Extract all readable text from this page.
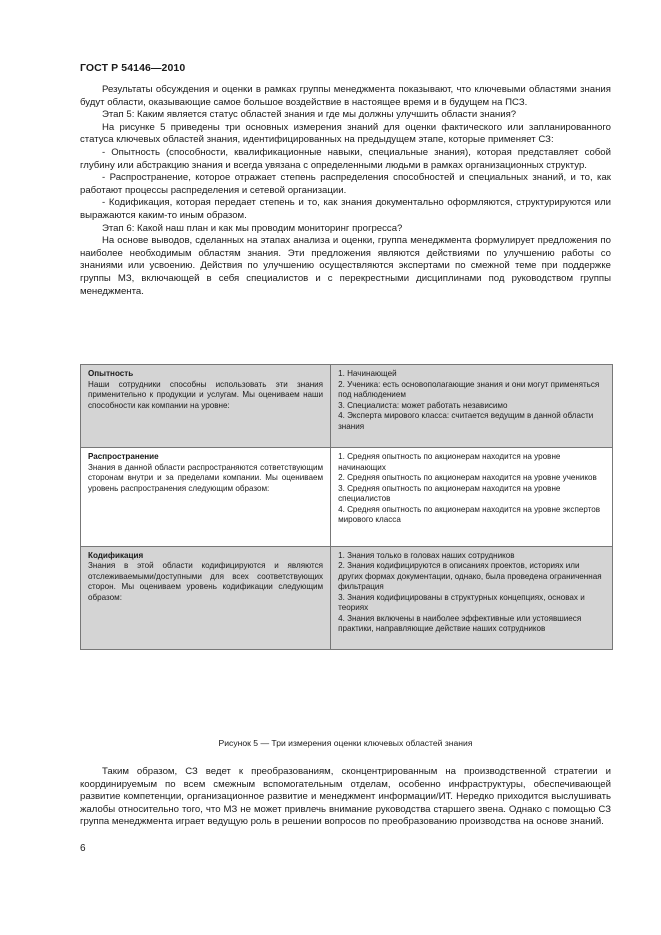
ГОСТ Р 54146—2010

Результаты обсуждения и оценки в рамках группы менеджмента показывают, что ключевыми областями знания будут области, оказывающие самое большое воздействие в настоящее время и в будущем на ПСЗ.

Этап 5: Каким является статус областей знания и где мы должны улучшить области знания?

На рисунке 5 приведены три основных измерения знаний для оценки фактического или запланированного статуса ключевых областей знания, идентифицированных на предыдущем этапе, которые применяет СЗ:

- Опытность (способности, квалификационные навыки, специальные знания), которая представляет собой глубину или абстракцию знания и всегда увязана с определенными людьми в рамках организационных структур.

- Распространение, которое отражает степень распределения способностей и специальных знаний, и то, как работают процессы распределения и сетевой организации.

- Кодификация, которая передает степень и то, как знания документально оформляются, структурируются или выражаются каким-то иным образом.

Этап 6: Какой наш план и как мы проводим мониторинг прогресса?

На основе выводов, сделанных на этапах анализа и оценки, группа менеджмента формулирует предложения по наиболее необходимым областям знания. Эти предложения являются действиями по улучшению работы со знаниями или усвоению. Действия по улучшению осуществляются экспертами по смежной теме при поддержке группы МЗ, включающей в себя специалистов и с перекрестными дисциплинами под руководством группы менеджмента.

Опытность
Наши сотрудники способны использовать эти знания применительно к продукции и услугам. Мы оцениваем наши способности как компании на уровне:	1. Начинающей
2. Ученика: есть основополагающие знания и они могут применяться под наблюдением
3. Специалиста: может работать независимо
4. Эксперта мирового класса: считается ведущим в данной области знания

Распространение
Знания в данной области распространяются сответствующим сторонам внутри и за пределами компании. Мы оцениваем уровень распространения следующим образом:	1. Средняя опытность по акционерам находится на уровне начинающих
2. Средняя опытность по акционерам находится на уровне учеников
3. Средняя опытность по акционерам находится на уровне специалистов
4. Средняя опытность по акционерам находится на уровне экспертов мирового класса

Кодификация
Знания в этой области кодифицируются и являются отслеживаемыми/доступными для всех соответствующих сторон. Мы оцениваем уровень кодификации следующим образом:	1. Знания только в головах наших сотрудников
2. Знания кодифицируются в описаниях проектов, историях или других формах документации, однако, была проведена ограниченная фильтрация
3. Знания кодифицированы в структурных концепциях, основах и теориях
4. Знания включены в наиболее эффективные или устоявшиеся практики, направляющие действие наших сотрудников
Рисунок 5 — Три измерения оценки ключевых областей знания

Таким образом, СЗ ведет к преобразованиям, сконцентрированным на производственной стратегии и координируемым по всем смежным вспомогательным отделам, особенно инфраструктуры, обеспечивающей развитие компетенции, организационное развитие и менеджмент информации/ИТ. Нередко приходится выслушивать жалобы относительно того, что МЗ не может привлечь внимание руководства старшего звена. Однако с помощью СЗ группа менеджмента играет ведущую роль в решении вопросов по преобразованию производства на основе знаний.

6
